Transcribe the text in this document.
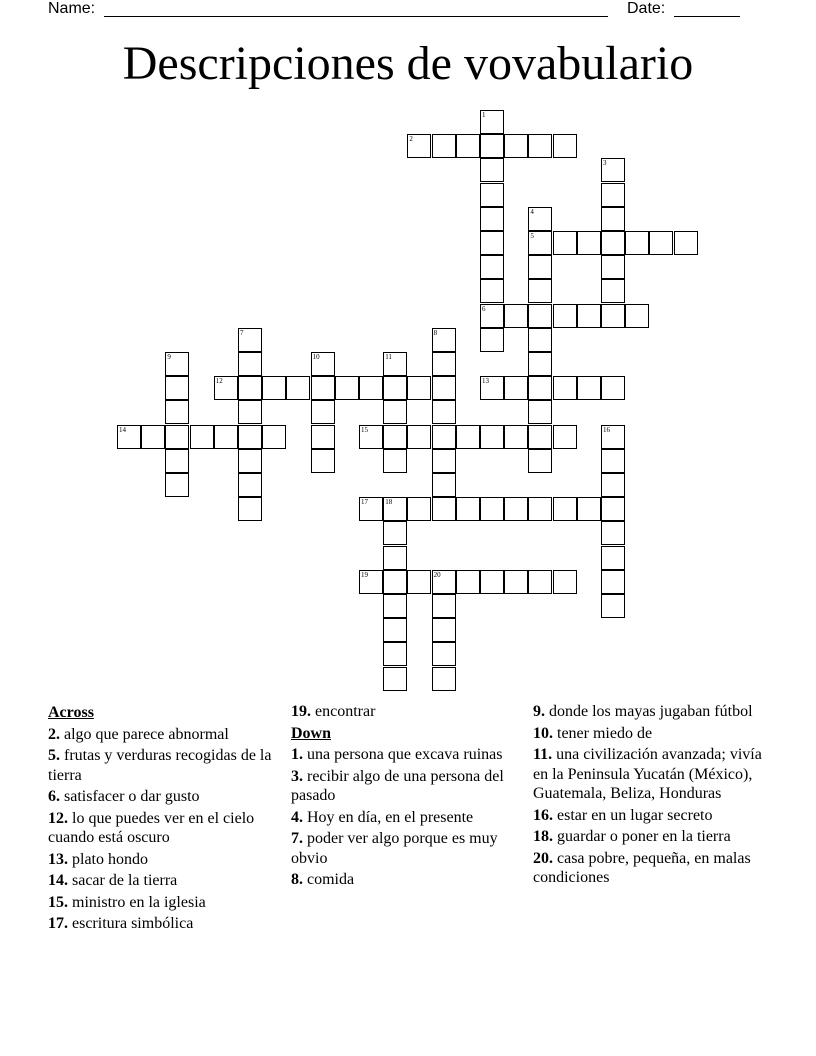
Name:	Date:
Descripciones de vovabulario
2
5
6
12	13
14	15
17 18
19	20
1
3
4
7	8
9	10	11
16
Across
2. algo que parece abnormal
5. frutas y verduras recogidas de la tierra
6. satisfacer o dar gusto
12. lo que puedes ver en el cielo cuando está oscuro
13. plato hondo
14. sacar de la tierra
15. ministro en la iglesia
17. escritura simbólica
19. encontrar
Down
1. una persona que excava ruinas
3. recibir algo de una persona del pasado
4. Hoy en día, en el presente
7. poder ver algo porque es muy obvio
8. comida
9. donde los mayas jugaban fútbol
10. tener miedo de
11. una civilización avanzada; vivía en la Peninsula Yucatán (México), Guatemala, Beliza, Honduras
16. estar en un lugar secreto
18. guardar o poner en la tierra
20. casa pobre, pequeña, en malas condiciones
